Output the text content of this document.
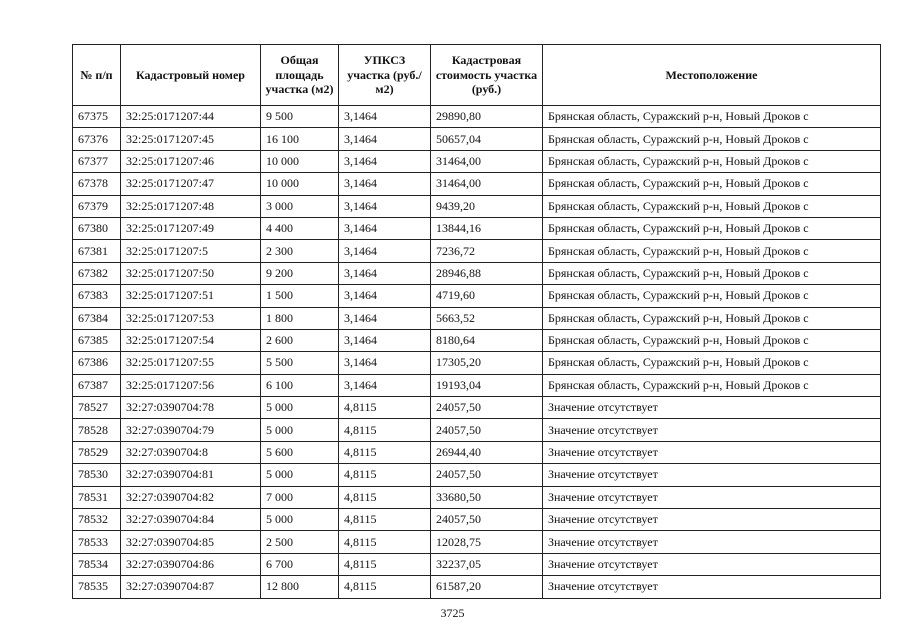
№ п/п	Кадастровый номер	Общая площадь участка (м2)	УПКСЗ участка (руб./м2)	Кадастровая стоимость участка (руб.)	Местоположение
67375	32:25:0171207:44	9 500	3,1464	29890,80	Брянская область, Суражский р-н, Новый Дроков с
67376	32:25:0171207:45	16 100	3,1464	50657,04	Брянская область, Суражский р-н, Новый Дроков с
67377	32:25:0171207:46	10 000	3,1464	31464,00	Брянская область, Суражский р-н, Новый Дроков с
67378	32:25:0171207:47	10 000	3,1464	31464,00	Брянская область, Суражский р-н, Новый Дроков с
67379	32:25:0171207:48	3 000	3,1464	9439,20	Брянская область, Суражский р-н, Новый Дроков с
67380	32:25:0171207:49	4 400	3,1464	13844,16	Брянская область, Суражский р-н, Новый Дроков с
67381	32:25:0171207:5	2 300	3,1464	7236,72	Брянская область, Суражский р-н, Новый Дроков с
67382	32:25:0171207:50	9 200	3,1464	28946,88	Брянская область, Суражский р-н, Новый Дроков с
67383	32:25:0171207:51	1 500	3,1464	4719,60	Брянская область, Суражский р-н, Новый Дроков с
67384	32:25:0171207:53	1 800	3,1464	5663,52	Брянская область, Суражский р-н, Новый Дроков с
67385	32:25:0171207:54	2 600	3,1464	8180,64	Брянская область, Суражский р-н, Новый Дроков с
67386	32:25:0171207:55	5 500	3,1464	17305,20	Брянская область, Суражский р-н, Новый Дроков с
67387	32:25:0171207:56	6 100	3,1464	19193,04	Брянская область, Суражский р-н, Новый Дроков с
78527	32:27:0390704:78	5 000	4,8115	24057,50	Значение отсутствует
78528	32:27:0390704:79	5 000	4,8115	24057,50	Значение отсутствует
78529	32:27:0390704:8	5 600	4,8115	26944,40	Значение отсутствует
78530	32:27:0390704:81	5 000	4,8115	24057,50	Значение отсутствует
78531	32:27:0390704:82	7 000	4,8115	33680,50	Значение отсутствует
78532	32:27:0390704:84	5 000	4,8115	24057,50	Значение отсутствует
78533	32:27:0390704:85	2 500	4,8115	12028,75	Значение отсутствует
78534	32:27:0390704:86	6 700	4,8115	32237,05	Значение отсутствует
78535	32:27:0390704:87	12 800	4,8115	61587,20	Значение отсутствует
3725
